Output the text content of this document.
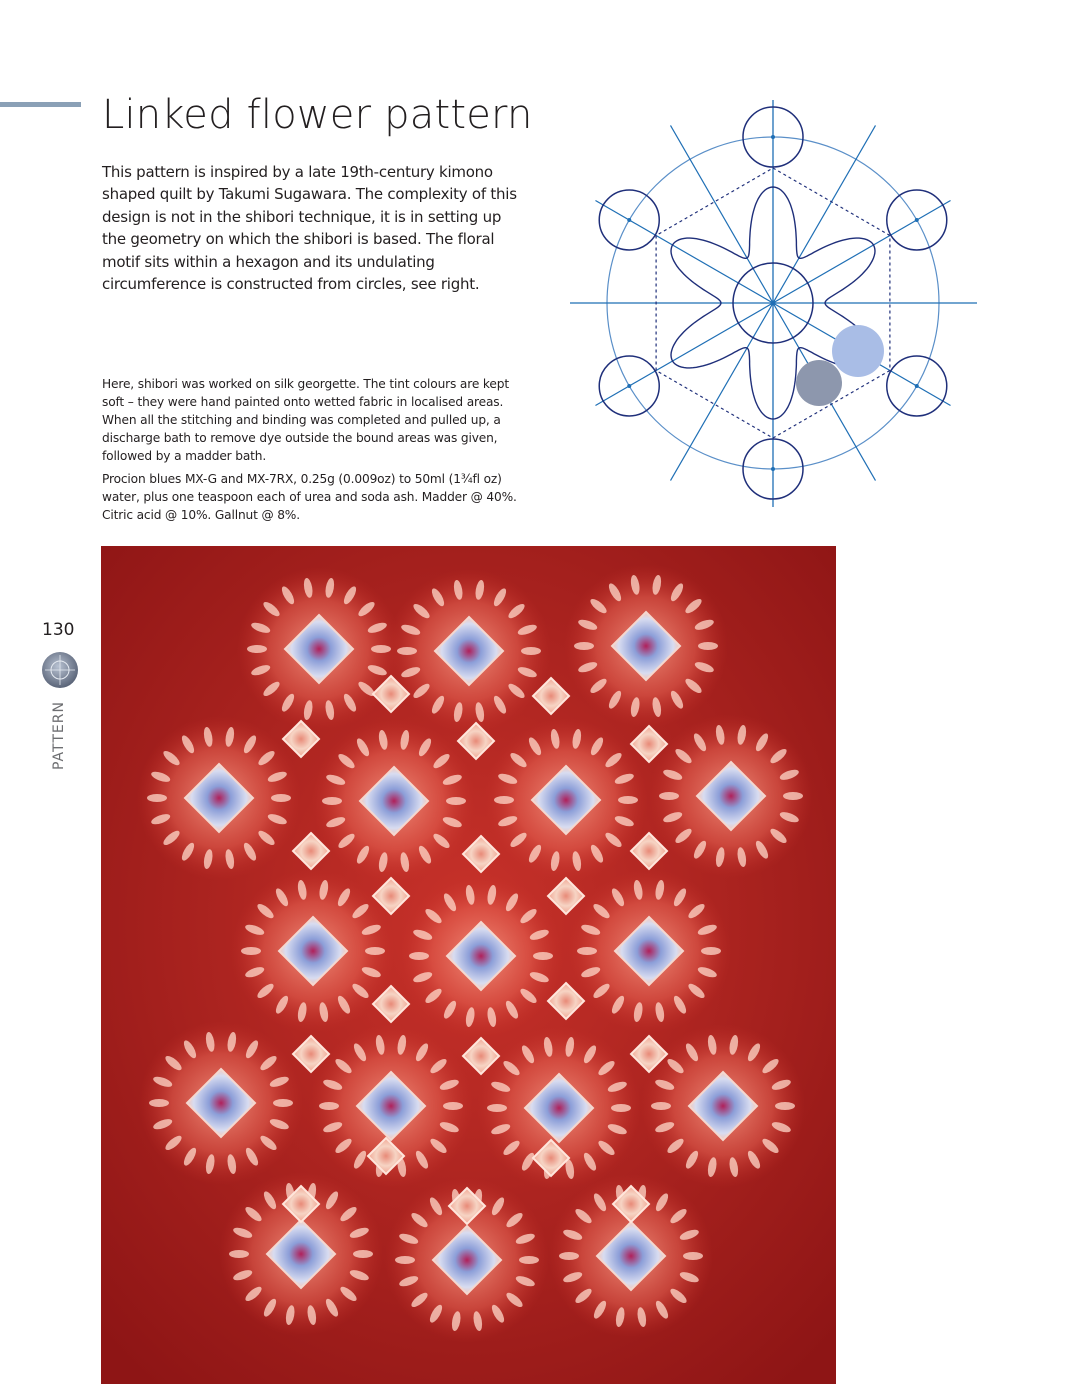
Linked flower pattern

This pattern is inspired by a late 19th-century kimono shaped quilt by Takumi Sugawara. The complexity of this design is not in the shibori technique, it is in setting up the geometry on which the shibori is based. The floral motif sits within a hexagon and its undulating circumference is constructed from circles, see right.

Here, shibori was worked on silk georgette. The tint colours are kept soft – they were hand painted onto wetted fabric in localised areas. When all the stitching and binding was completed and pulled up, a discharge bath to remove dye outside the bound areas was given, followed by a madder bath.

Procion blues MX-G and MX-7RX, 0.25g (0.009oz) to 50ml (1¾fl oz) water, plus one teaspoon each of urea and soda ash. Madder @ 40%. Citric acid @ 10%. Gallnut @ 8%.

130
PATTERN
